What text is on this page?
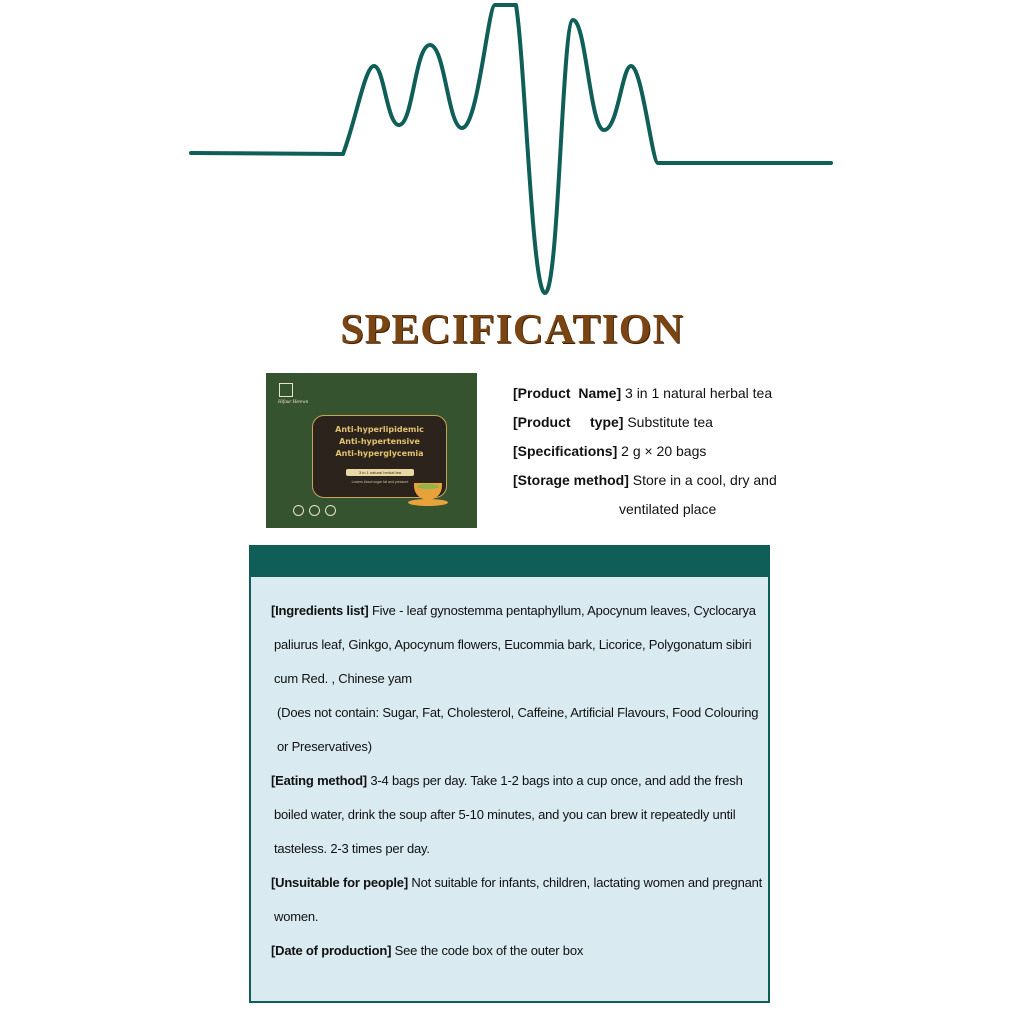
SPECIFICATION
Hifaur Herewn
Anti-hyperlipidemic
Anti-hypertensive
Anti-hyperglycemia
3 in 1 natural herbal tea
Lowers blood sugar fat and pressure
[Product  Name] 3 in 1 natural herbal tea
[Product     type] Substitute tea
[Specifications] 2 g × 20 bags
[Storage method] Store in a cool, dry and
ventilated place
[Ingredients list] Five - leaf gynostemma pentaphyllum, Apocynum leaves, Cyclocarya
paliurus leaf, Ginkgo, Apocynum flowers, Eucommia bark, Licorice, Polygonatum sibiri
cum Red. , Chinese yam
(Does not contain: Sugar, Fat, Cholesterol, Caffeine, Artificial Flavours, Food Colouring
or Preservatives)
[Eating method] 3-4 bags per day. Take 1-2 bags into a cup once, and add the fresh
boiled water, drink the soup after 5-10 minutes, and you can brew it repeatedly until
tasteless. 2-3 times per day.
[Unsuitable for people] Not suitable for infants, children, lactating women and pregnant
women.
[Date of production] See the code box of the outer box
